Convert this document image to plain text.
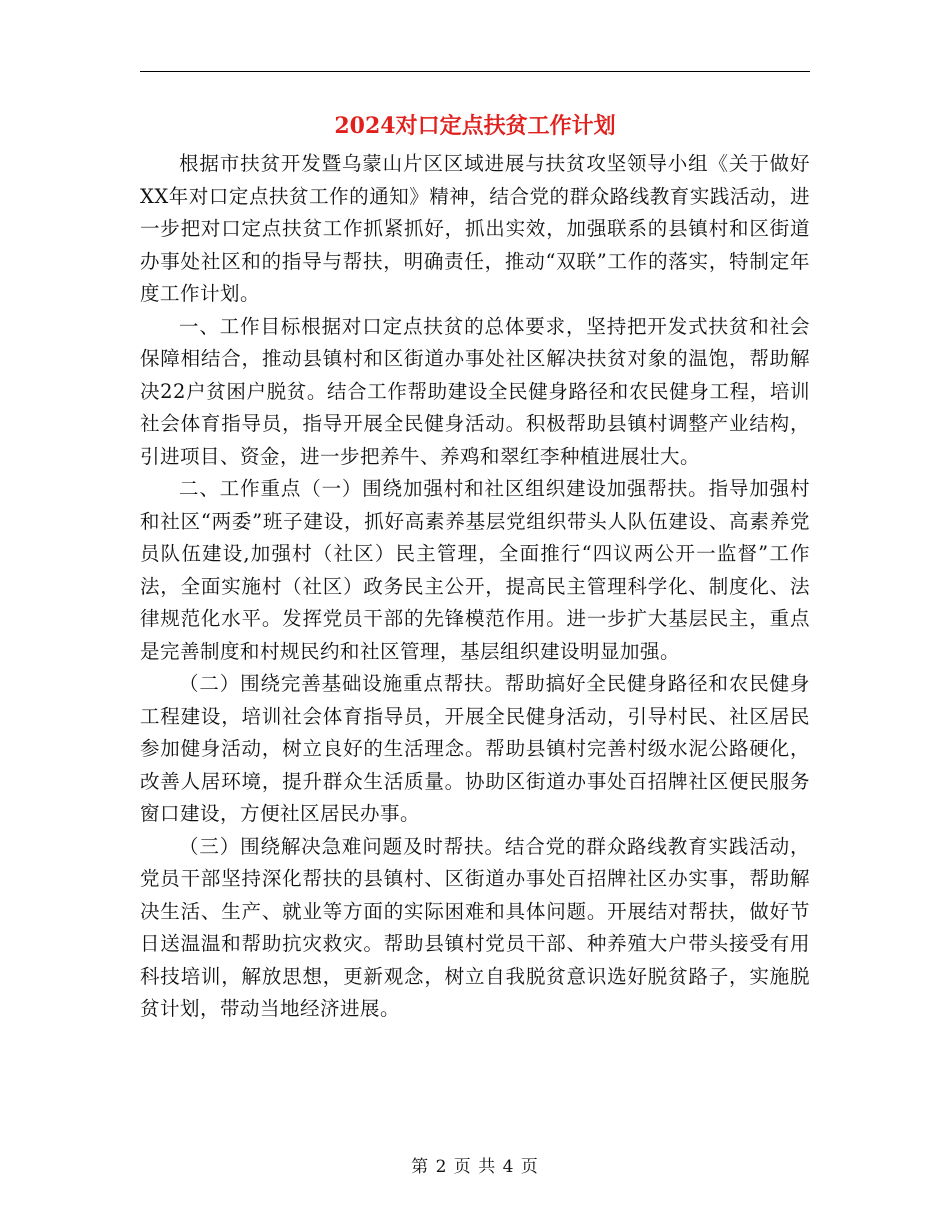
2024对口定点扶贫工作计划

根据市扶贫开发暨乌蒙山片区区域进展与扶贫攻坚领导小组《关于做好XX年对口定点扶贫工作的通知》精神，结合党的群众路线教育实践活动，进一步把对口定点扶贫工作抓紧抓好，抓出实效，加强联系的县镇村和区街道办事处社区和的指导与帮扶，明确责任，推动“双联”工作的落实，特制定年度工作计划。

一、工作目标根据对口定点扶贫的总体要求，坚持把开发式扶贫和社会保障相结合，推动县镇村和区街道办事处社区解决扶贫对象的温饱，帮助解决22户贫困户脱贫。结合工作帮助建设全民健身路径和农民健身工程，培训社会体育指导员，指导开展全民健身活动。积极帮助县镇村调整产业结构，引进项目、资金，进一步把养牛、养鸡和翠红李种植进展壮大。

二、工作重点（一）围绕加强村和社区组织建设加强帮扶。指导加强村和社区“两委”班子建设，抓好高素养基层党组织带头人队伍建设、高素养党员队伍建设,加强村（社区）民主管理，全面推行“四议两公开一监督”工作法，全面实施村（社区）政务民主公开，提高民主管理科学化、制度化、法律规范化水平。发挥党员干部的先锋模范作用。进一步扩大基层民主，重点是完善制度和村规民约和社区管理，基层组织建设明显加强。

（二）围绕完善基础设施重点帮扶。帮助搞好全民健身路径和农民健身工程建设，培训社会体育指导员，开展全民健身活动，引导村民、社区居民参加健身活动，树立良好的生活理念。帮助县镇村完善村级水泥公路硬化，改善人居环境，提升群众生活质量。协助区街道办事处百招牌社区便民服务窗口建设，方便社区居民办事。

（三）围绕解决急难问题及时帮扶。结合党的群众路线教育实践活动，党员干部坚持深化帮扶的县镇村、区街道办事处百招牌社区办实事，帮助解决生活、生产、就业等方面的实际困难和具体问题。开展结对帮扶，做好节日送温温和帮助抗灾救灾。帮助县镇村党员干部、种养殖大户带头接受有用科技培训，解放思想，更新观念，树立自我脱贫意识选好脱贫路子，实施脱贫计划，带动当地经济进展。

第 2 页 共 4 页
